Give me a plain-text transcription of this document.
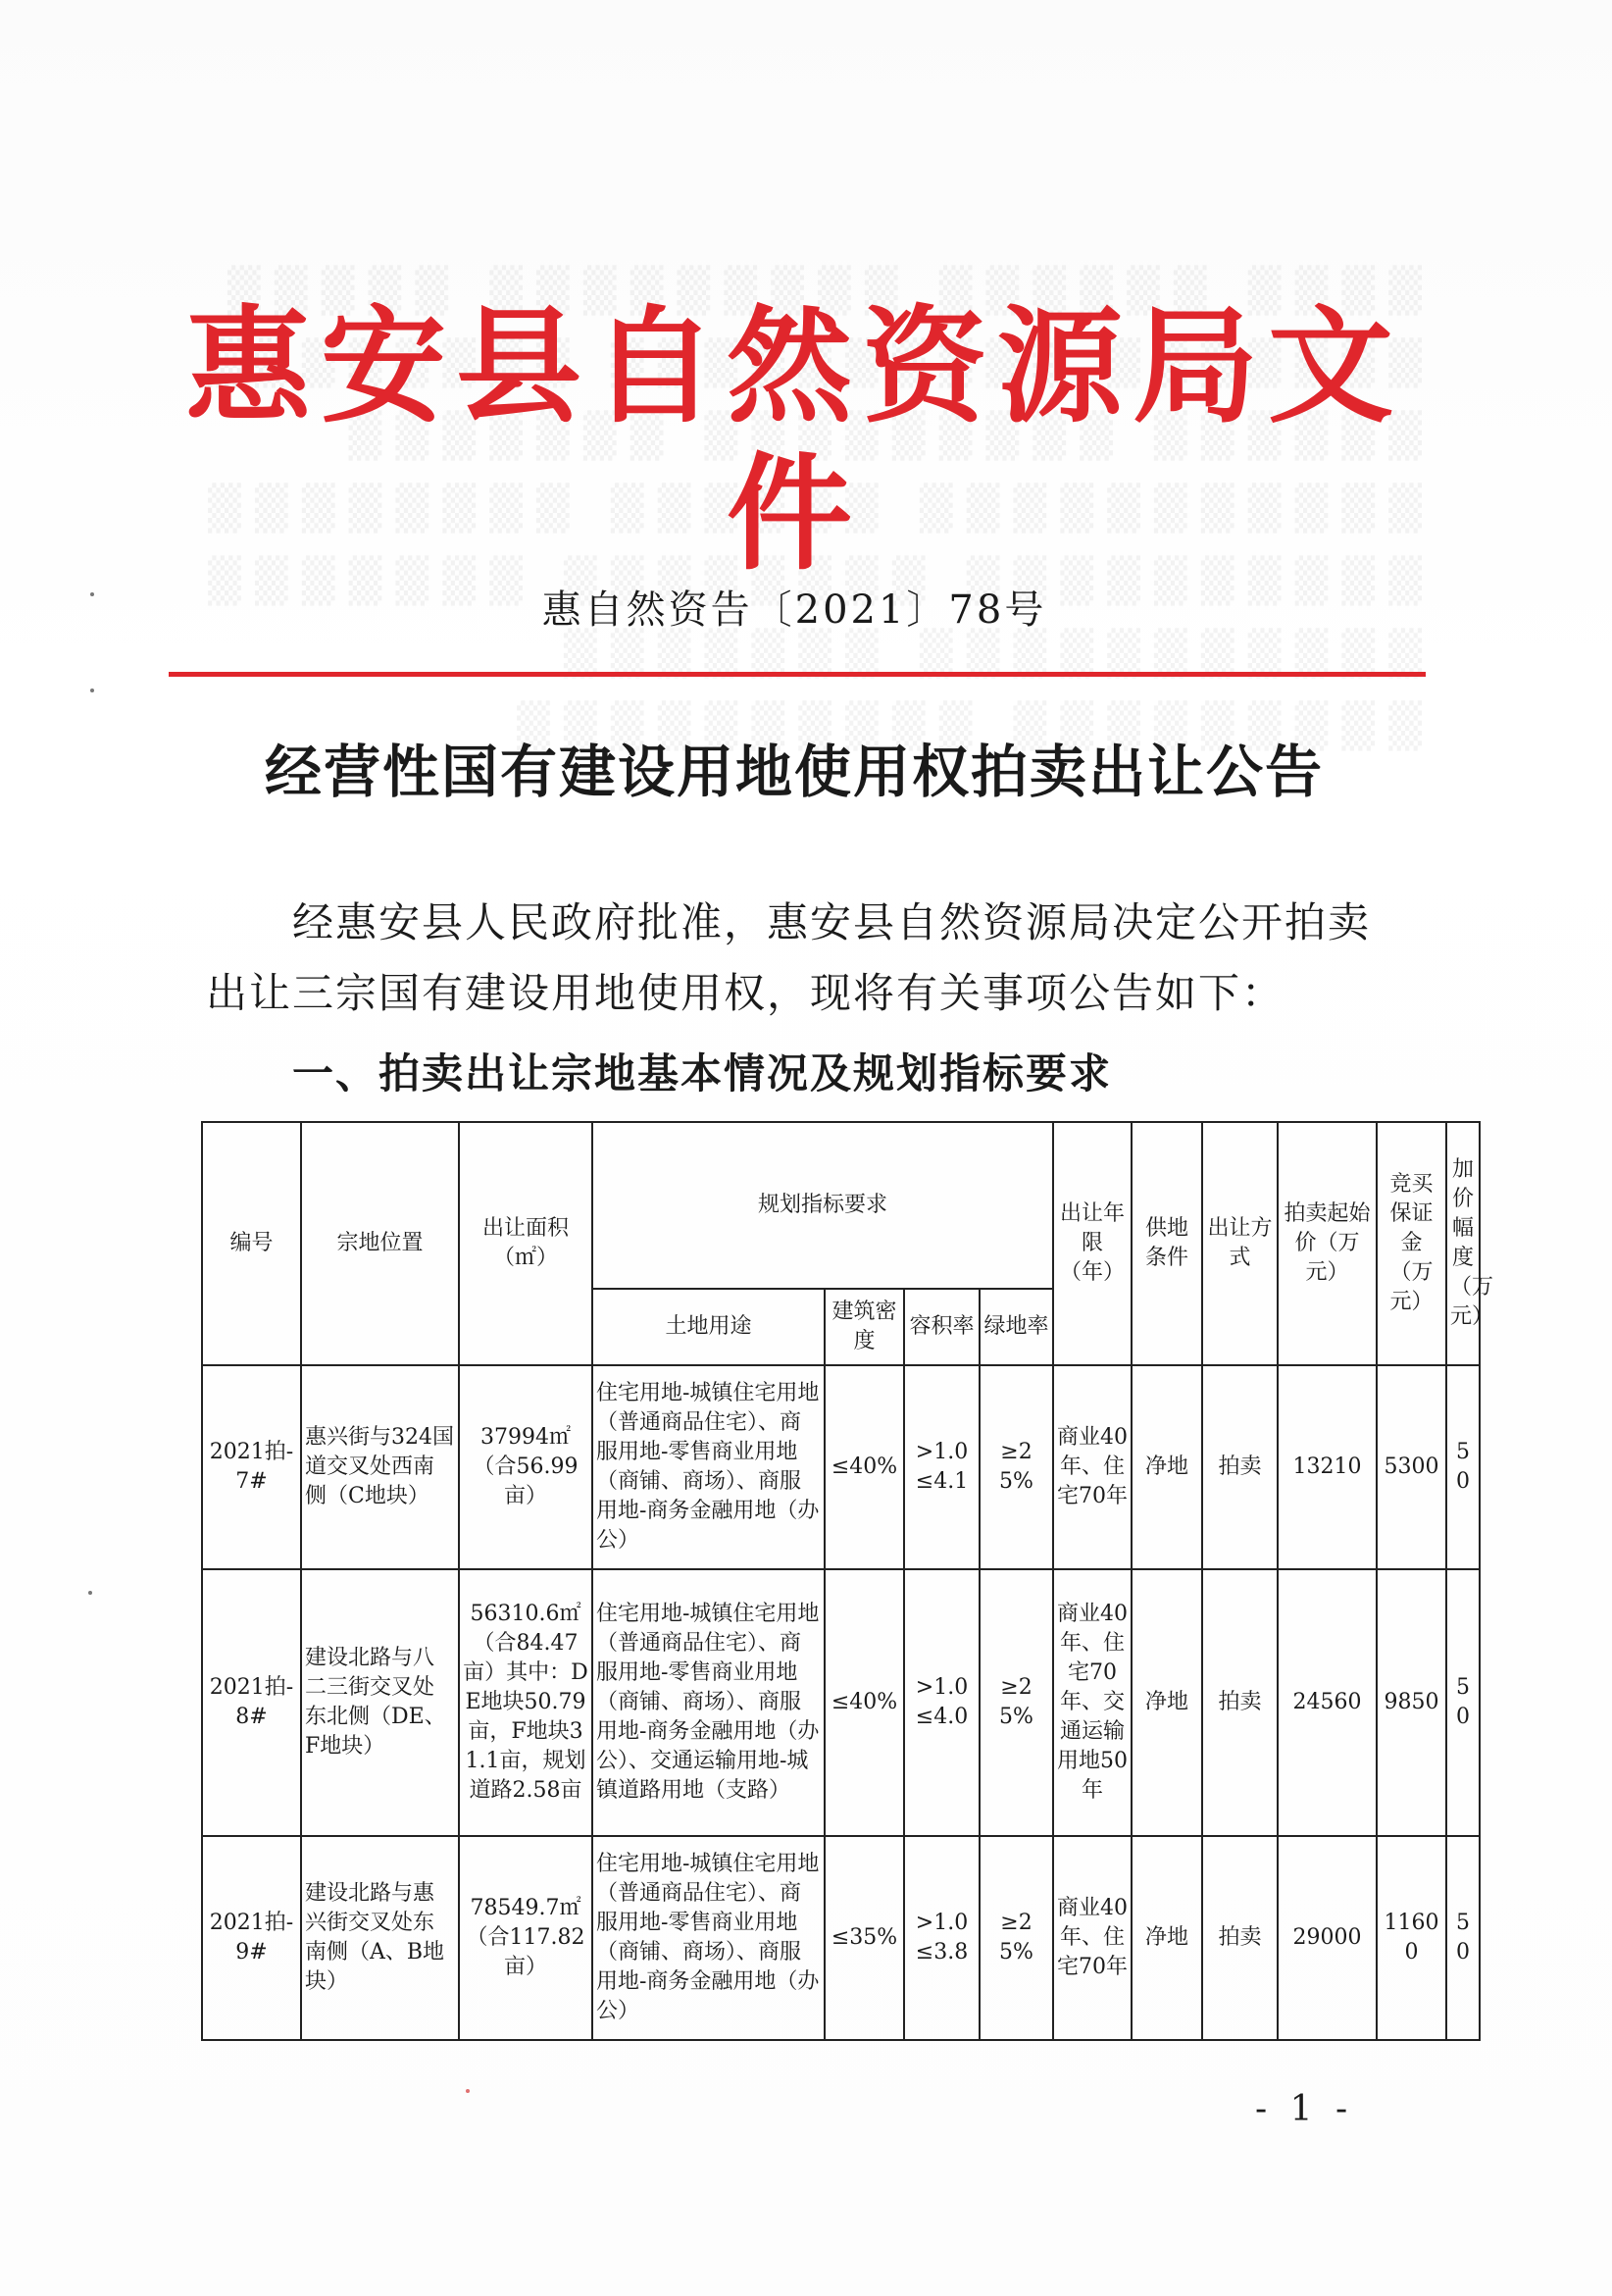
惠安县自然资源局文件
惠自然资告〔2021〕78号
经营性国有建设用地使用权拍卖出让公告
经惠安县人民政府批准，惠安县自然资源局决定公开拍卖出让三宗国有建设用地使用权，现将有关事项公告如下：
一、拍卖出让宗地基本情况及规划指标要求
编号	宗地位置	出让面积（㎡）	规划指标要求				出让年限（年）	供地条件	出让方式	拍卖起始价（万元）	竞买保证金（万元）	加价幅度（万元）
			土地用途	建筑密度	容积率	绿地率						
2021拍-7#	惠兴街与324国道交叉处西南侧（C地块）	37994㎡（合56.99亩）	住宅用地-城镇住宅用地（普通商品住宅）、商服用地-零售商业用地（商铺、商场）、商服用地-商务金融用地（办公）	≤40%	>1.0 ≤4.1	≥25%	商业40年、住宅70年	净地	拍卖	13210	5300	50
2021拍-8#	建设北路与八二三街交叉处东北侧（DE、F地块）	56310.6㎡（合84.47亩）其中：DE地块50.79亩，F地块31.1亩，规划道路2.58亩	住宅用地-城镇住宅用地（普通商品住宅）、商服用地-零售商业用地（商铺、商场）、商服用地-商务金融用地（办公）、交通运输用地-城镇道路用地（支路）	≤40%	>1.0 ≤4.0	≥25%	商业40年、住宅70年、交通运输用地50年	净地	拍卖	24560	9850	50
2021拍-9#	建设北路与惠兴街交叉处东南侧（A、B地块）	78549.7㎡（合117.82亩）	住宅用地-城镇住宅用地（普通商品住宅）、商服用地-零售商业用地（商铺、商场）、商服用地-商务金融用地（办公）	≤35%	>1.0 ≤3.8	≥25%	商业40年、住宅70年	净地	拍卖	29000	11600	50
- 1 -
